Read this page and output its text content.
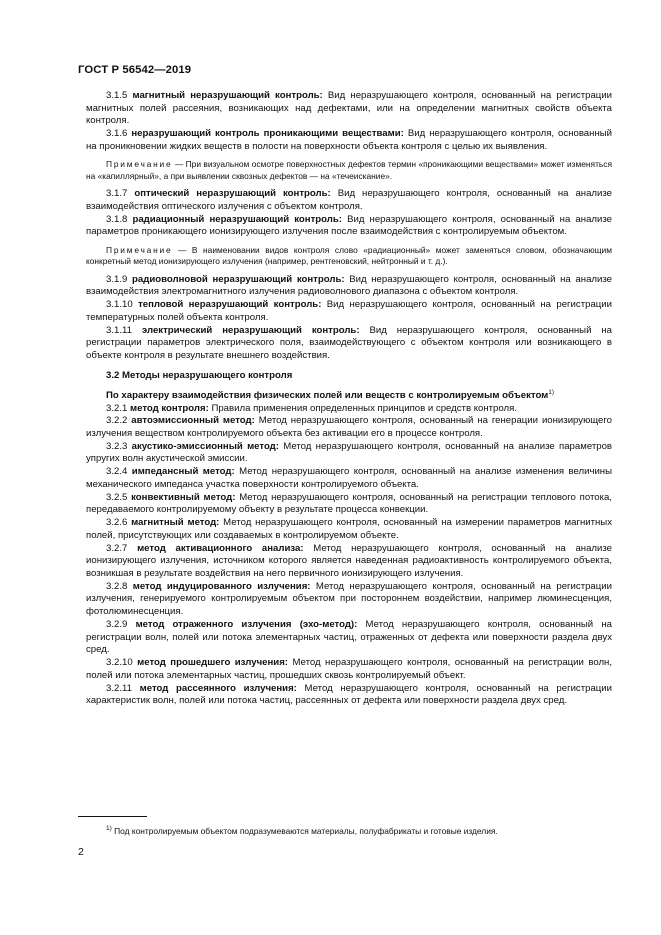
ГОСТ Р 56542—2019

3.1.5 магнитный неразрушающий контроль: Вид неразрушающего контроля, основанный на регистрации магнитных полей рассеяния, возникающих над дефектами, или на определении магнитных свойств объекта контроля.

3.1.6 неразрушающий контроль проникающими веществами: Вид неразрушающего контроля, основанный на проникновении жидких веществ в полости на поверхности объекта контроля с целью их выявления.

Примечание — При визуальном осмотре поверхностных дефектов термин «проникающими веществами» может изменяться на «капиллярный», а при выявлении сквозных дефектов — на «течеискание».

3.1.7 оптический неразрушающий контроль: Вид неразрушающего контроля, основанный на анализе взаимодействия оптического излучения с объектом контроля.

3.1.8 радиационный неразрушающий контроль: Вид неразрушающего контроля, основанный на анализе параметров проникающего ионизирующего излучения после взаимодействия с контролируемым объектом.

Примечание — В наименовании видов контроля слово «радиационный» может заменяться словом, обозначающим конкретный метод ионизирующего излучения (например, рентгеновский, нейтронный и т. д.).

3.1.9 радиоволновой неразрушающий контроль: Вид неразрушающего контроля, основанный на анализе взаимодействия электромагнитного излучения радиоволнового диапазона с объектом контроля.

3.1.10 тепловой неразрушающий контроль: Вид неразрушающего контроля, основанный на регистрации температурных полей объекта контроля.

3.1.11 электрический неразрушающий контроль: Вид неразрушающего контроля, основанный на регистрации параметров электрического поля, взаимодействующего с объектом контроля или возникающего в объекте контроля в результате внешнего воздействия.

3.2 Методы неразрушающего контроля

По характеру взаимодействия физических полей или веществ с контролируемым объектом$^{1)}$

3.2.1 метод контроля: Правила применения определенных принципов и средств контроля.

3.2.2 автоэмиссионный метод: Метод неразрушающего контроля, основанный на генерации ионизирующего излучения веществом контролируемого объекта без активации его в процессе контроля.

3.2.3 акустико-эмиссионный метод: Метод неразрушающего контроля, основанный на анализе параметров упругих волн акустической эмиссии.

3.2.4 импедансный метод: Метод неразрушающего контроля, основанный на анализе изменения величины механического импеданса участка поверхности контролируемого объекта.

3.2.5 конвективный метод: Метод неразрушающего контроля, основанный на регистрации теплового потока, передаваемого контролируемому объекту в результате процесса конвекции.

3.2.6 магнитный метод: Метод неразрушающего контроля, основанный на измерении параметров магнитных полей, присутствующих или создаваемых в контролируемом объекте.

3.2.7 метод активационного анализа: Метод неразрушающего контроля, основанный на анализе ионизирующего излучения, источником которого является наведенная радиоактивность контролируемого объекта, возникшая в результате воздействия на него первичного ионизирующего излучения.

3.2.8 метод индуцированного излучения: Метод неразрушающего контроля, основанный на регистрации излучения, генерируемого контролируемым объектом при постороннем воздействии, например люминесценция, фотолюминесценция.

3.2.9 метод отраженного излучения (эхо-метод): Метод неразрушающего контроля, основанный на регистрации волн, полей или потока элементарных частиц, отраженных от дефекта или поверхности раздела двух сред.

3.2.10 метод прошедшего излучения: Метод неразрушающего контроля, основанный на регистрации волн, полей или потока элементарных частиц, прошедших сквозь контролируемый объект.

3.2.11 метод рассеянного излучения: Метод неразрушающего контроля, основанный на регистрации характеристик волн, полей или потока частиц, рассеянных от дефекта или поверхности раздела двух сред.

$^{1)}$ Под контролируемым объектом подразумеваются материалы, полуфабрикаты и готовые изделия.
2
